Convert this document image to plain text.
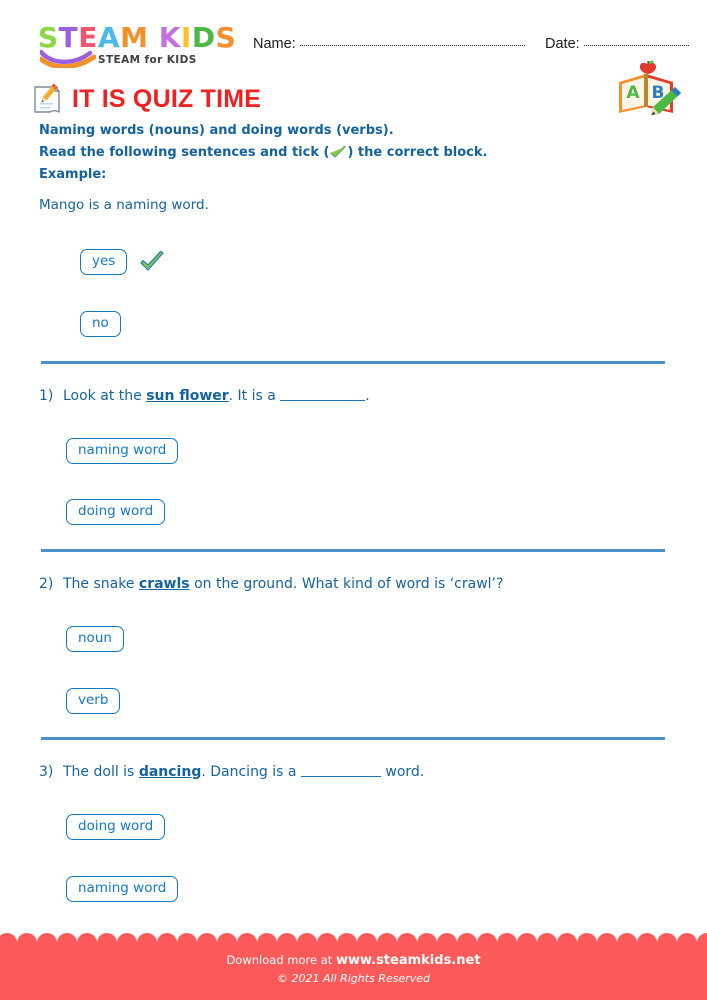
STEAM KIDS
STEAM for KIDS
Name:	Date:
A B
IT IS QUIZ TIME
Naming words (nouns) and doing words (verbs).
Read the following sentences and tick ( ) the correct block.
Example:
Mango is a naming word.
yes
no
1) Look at the sun flower. It is a	.
naming word
doing word
2) The snake crawls on the ground. What kind of word is ‘crawl’?
noun
verb
3) The doll is dancing. Dancing is a	word.
doing word
naming word
Download more at www.steamkids.net
© 2021 All Rights Reserved
